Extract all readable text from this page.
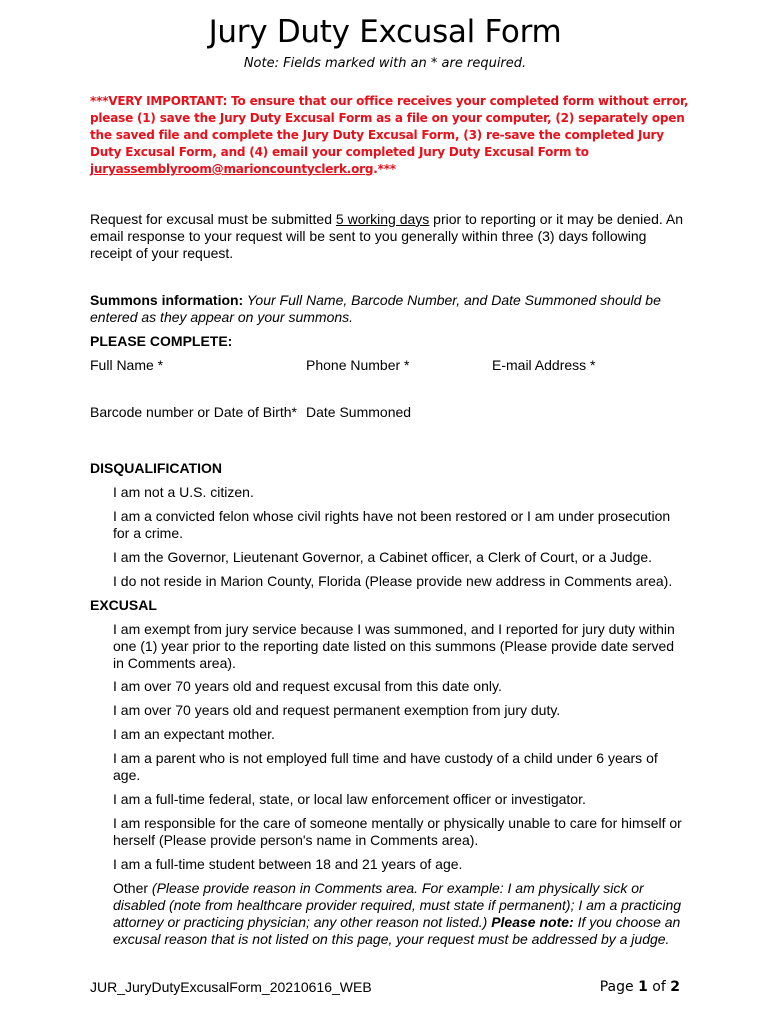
Jury Duty Excusal Form
Note: Fields marked with an * are required.
***VERY IMPORTANT: To ensure that our office receives your completed form without error, please (1) save the Jury Duty Excusal Form as a file on your computer, (2) separately open the saved file and complete the Jury Duty Excusal Form, (3) re-save the completed Jury Duty Excusal Form, and (4) email your completed Jury Duty Excusal Form to juryassemblyroom@marioncountyclerk.org.***
Request for excusal must be submitted 5 working days prior to reporting or it may be denied. An email response to your request will be sent to you generally within three (3) days following receipt of your request.
Summons information: Your Full Name, Barcode Number, and Date Summoned should be entered as they appear on your summons.
PLEASE COMPLETE:
Full Name *	Phone Number *	E-mail Address *
Barcode number or Date of Birth* Date Summoned
DISQUALIFICATION
I am not a U.S. citizen.
I am a convicted felon whose civil rights have not been restored or I am under prosecution for a crime.
I am the Governor, Lieutenant Governor, a Cabinet officer, a Clerk of Court, or a Judge.
I do not reside in Marion County, Florida (Please provide new address in Comments area).
EXCUSAL
I am exempt from jury service because I was summoned, and I reported for jury duty within one (1) year prior to the reporting date listed on this summons (Please provide date served in Comments area).
I am over 70 years old and request excusal from this date only.
I am over 70 years old and request permanent exemption from jury duty.
I am an expectant mother.
I am a parent who is not employed full time and have custody of a child under 6 years of age.
I am a full-time federal, state, or local law enforcement officer or investigator.
I am responsible for the care of someone mentally or physically unable to care for himself or herself (Please provide person's name in Comments area).
I am a full-time student between 18 and 21 years of age.
Other (Please provide reason in Comments area. For example: I am physically sick or disabled (note from healthcare provider required, must state if permanent); I am a practicing attorney or practicing physician; any other reason not listed.) Please note: If you choose an excusal reason that is not listed on this page, your request must be addressed by a judge.
JUR_JuryDutyExcusalForm_20210616_WEB	Page 1 of 2
